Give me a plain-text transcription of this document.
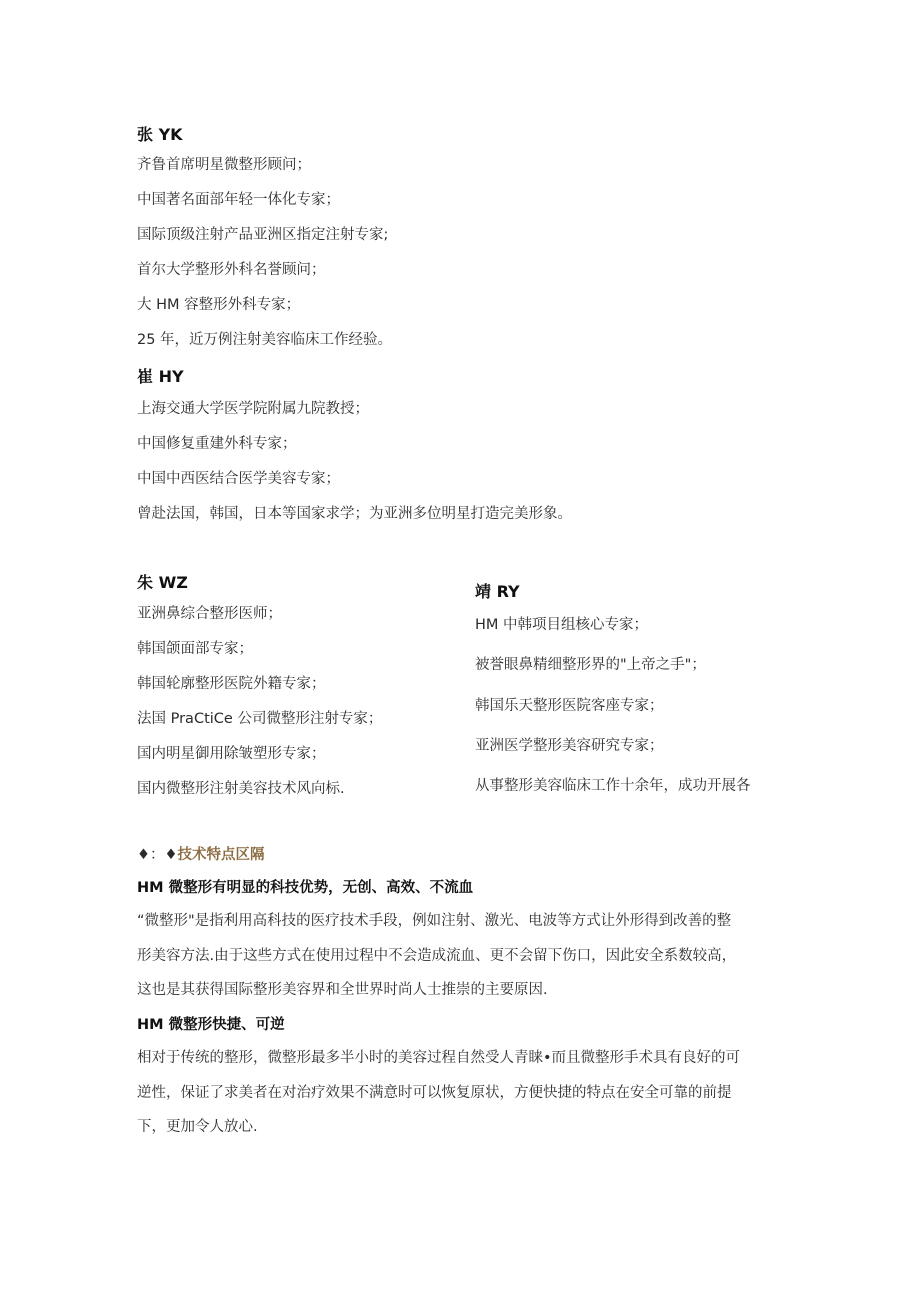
张 YK
齐鲁首席明星微整形顾问；
中国著名面部年轻一体化专家；
国际顶级注射产品亚洲区指定注射专家;
首尔大学整形外科名誉顾问；
大 HM 容整形外科专家；
25 年，近万例注射美容临床工作经验。
崔 HY
上海交通大学医学院附属九院教授；
中国修复重建外科专家；
中国中西医结合医学美容专家；
曾赴法国，韩国，日本等国家求学；为亚洲多位明星打造完美形象。
朱 WZ
亚洲鼻综合整形医师；
韩国颌面部专家；
韩国轮廓整形医院外籍专家；
法国 PraCtiCe 公司微整形注射专家；
国内明星御用除皱塑形专家；
国内微整形注射美容技术风向标.
靖 RY
HM 中韩项目组核心专家；
被誉眼鼻精细整形界的"上帝之手"；
韩国乐天整形医院客座专家；
亚洲医学整形美容研究专家；
从事整形美容临床工作十余年，成功开展各
♦：♦技术特点区隔
HM 微整形有明显的科技优势，无创、高效、不流血

“微整形"是指利用高科技的医疗技术手段，例如注射、激光、电波等方式让外形得到改善的整

形美容方法.由于这些方式在使用过程中不会造成流血、更不会留下伤口，因此安全系数较高，

这也是其获得国际整形美容界和全世界时尚人士推崇的主要原因.

HM 微整形快捷、可逆

相对于传统的整形，微整形最多半小时的美容过程自然受人青睐•而且微整形手术具有良好的可

逆性，保证了求美者在对治疗效果不满意时可以恢复原状，方便快捷的特点在安全可靠的前提

下，更加令人放心.
